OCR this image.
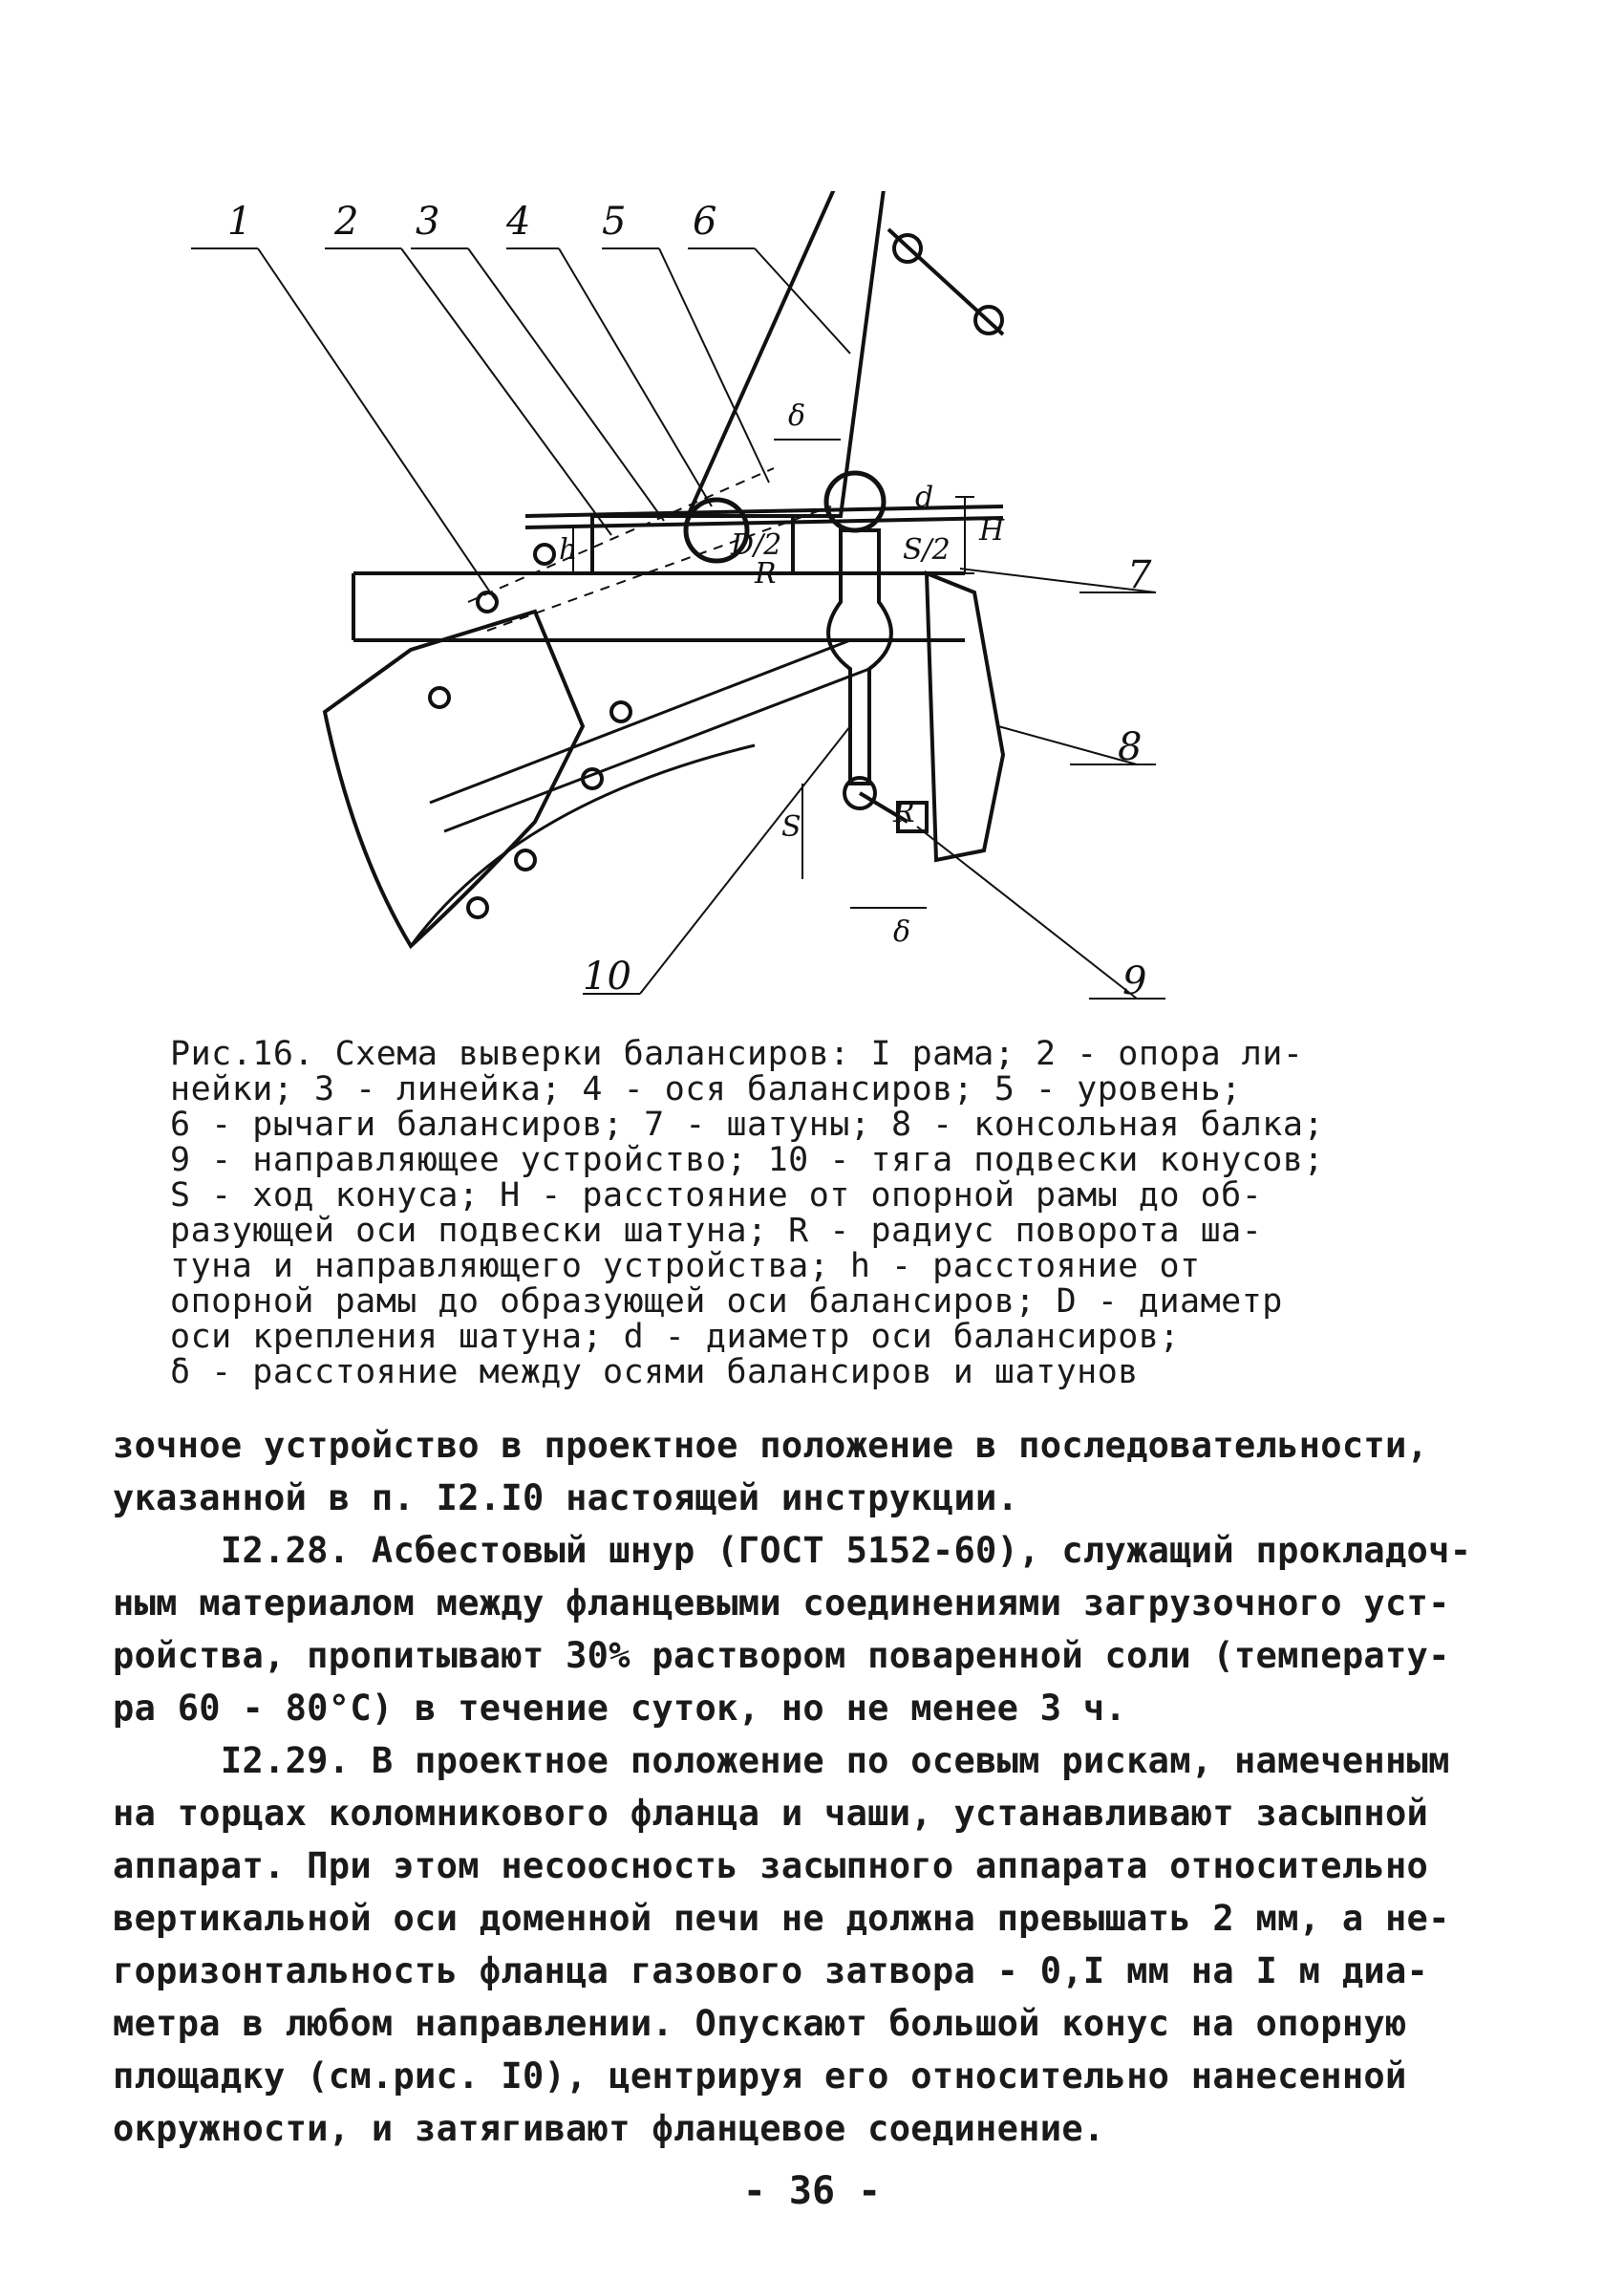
1 2 3 4 5 6
7
8
9
10
δ
δ
d
D/2	S/2
H
h
S
R
R
Рис.16. Схема выверки балансиров: I рама; 2 - опора ли-
нейки; 3 - линейка; 4 - ося балансиров; 5 - уровень;
6 - рычаги балансиров; 7 - шатуны; 8 - консольная балка;
9 - направляющее устройство; 10 - тяга подвески конусов;
S - ход конуса; Н - расстояние от опорной рамы до об-
разующей оси подвески шатуна; R - радиус поворота ша-
туна и направляющего устройства; h - расстояние от
опорной рамы до образующей оси балансиров; D - диаметр
оси крепления шатуна; d - диаметр оси балансиров;
δ - расстояние между осями балансиров и шатунов
зочное устройство в проектное положение в последовательности,
указанной в п. I2.I0 настоящей инструкции.
I2.28. Асбестовый шнур (ГОСТ 5152-60), служащий прокладоч-
ным материалом между фланцевыми соединениями загрузочного уст-
ройства, пропитывают 30% раствором поваренной соли (температу-
ра 60 - 80°С) в течение суток, но не менее 3 ч.
I2.29. В проектное положение по осевым рискам, намеченным
на торцах коломникового фланца и чаши, устанавливают засыпной
аппарат. При этом несоосность засыпного аппарата относительно
вертикальной оси доменной печи не должна превышать 2 мм, а не-
горизонтальность фланца газового затвора - 0,I мм на I м диа-
метра в любом направлении. Опускают большой конус на опорную
площадку (см.рис. I0), центрируя его относительно нанесенной
окружности, и затягивают фланцевое соединение.
- 36 -
